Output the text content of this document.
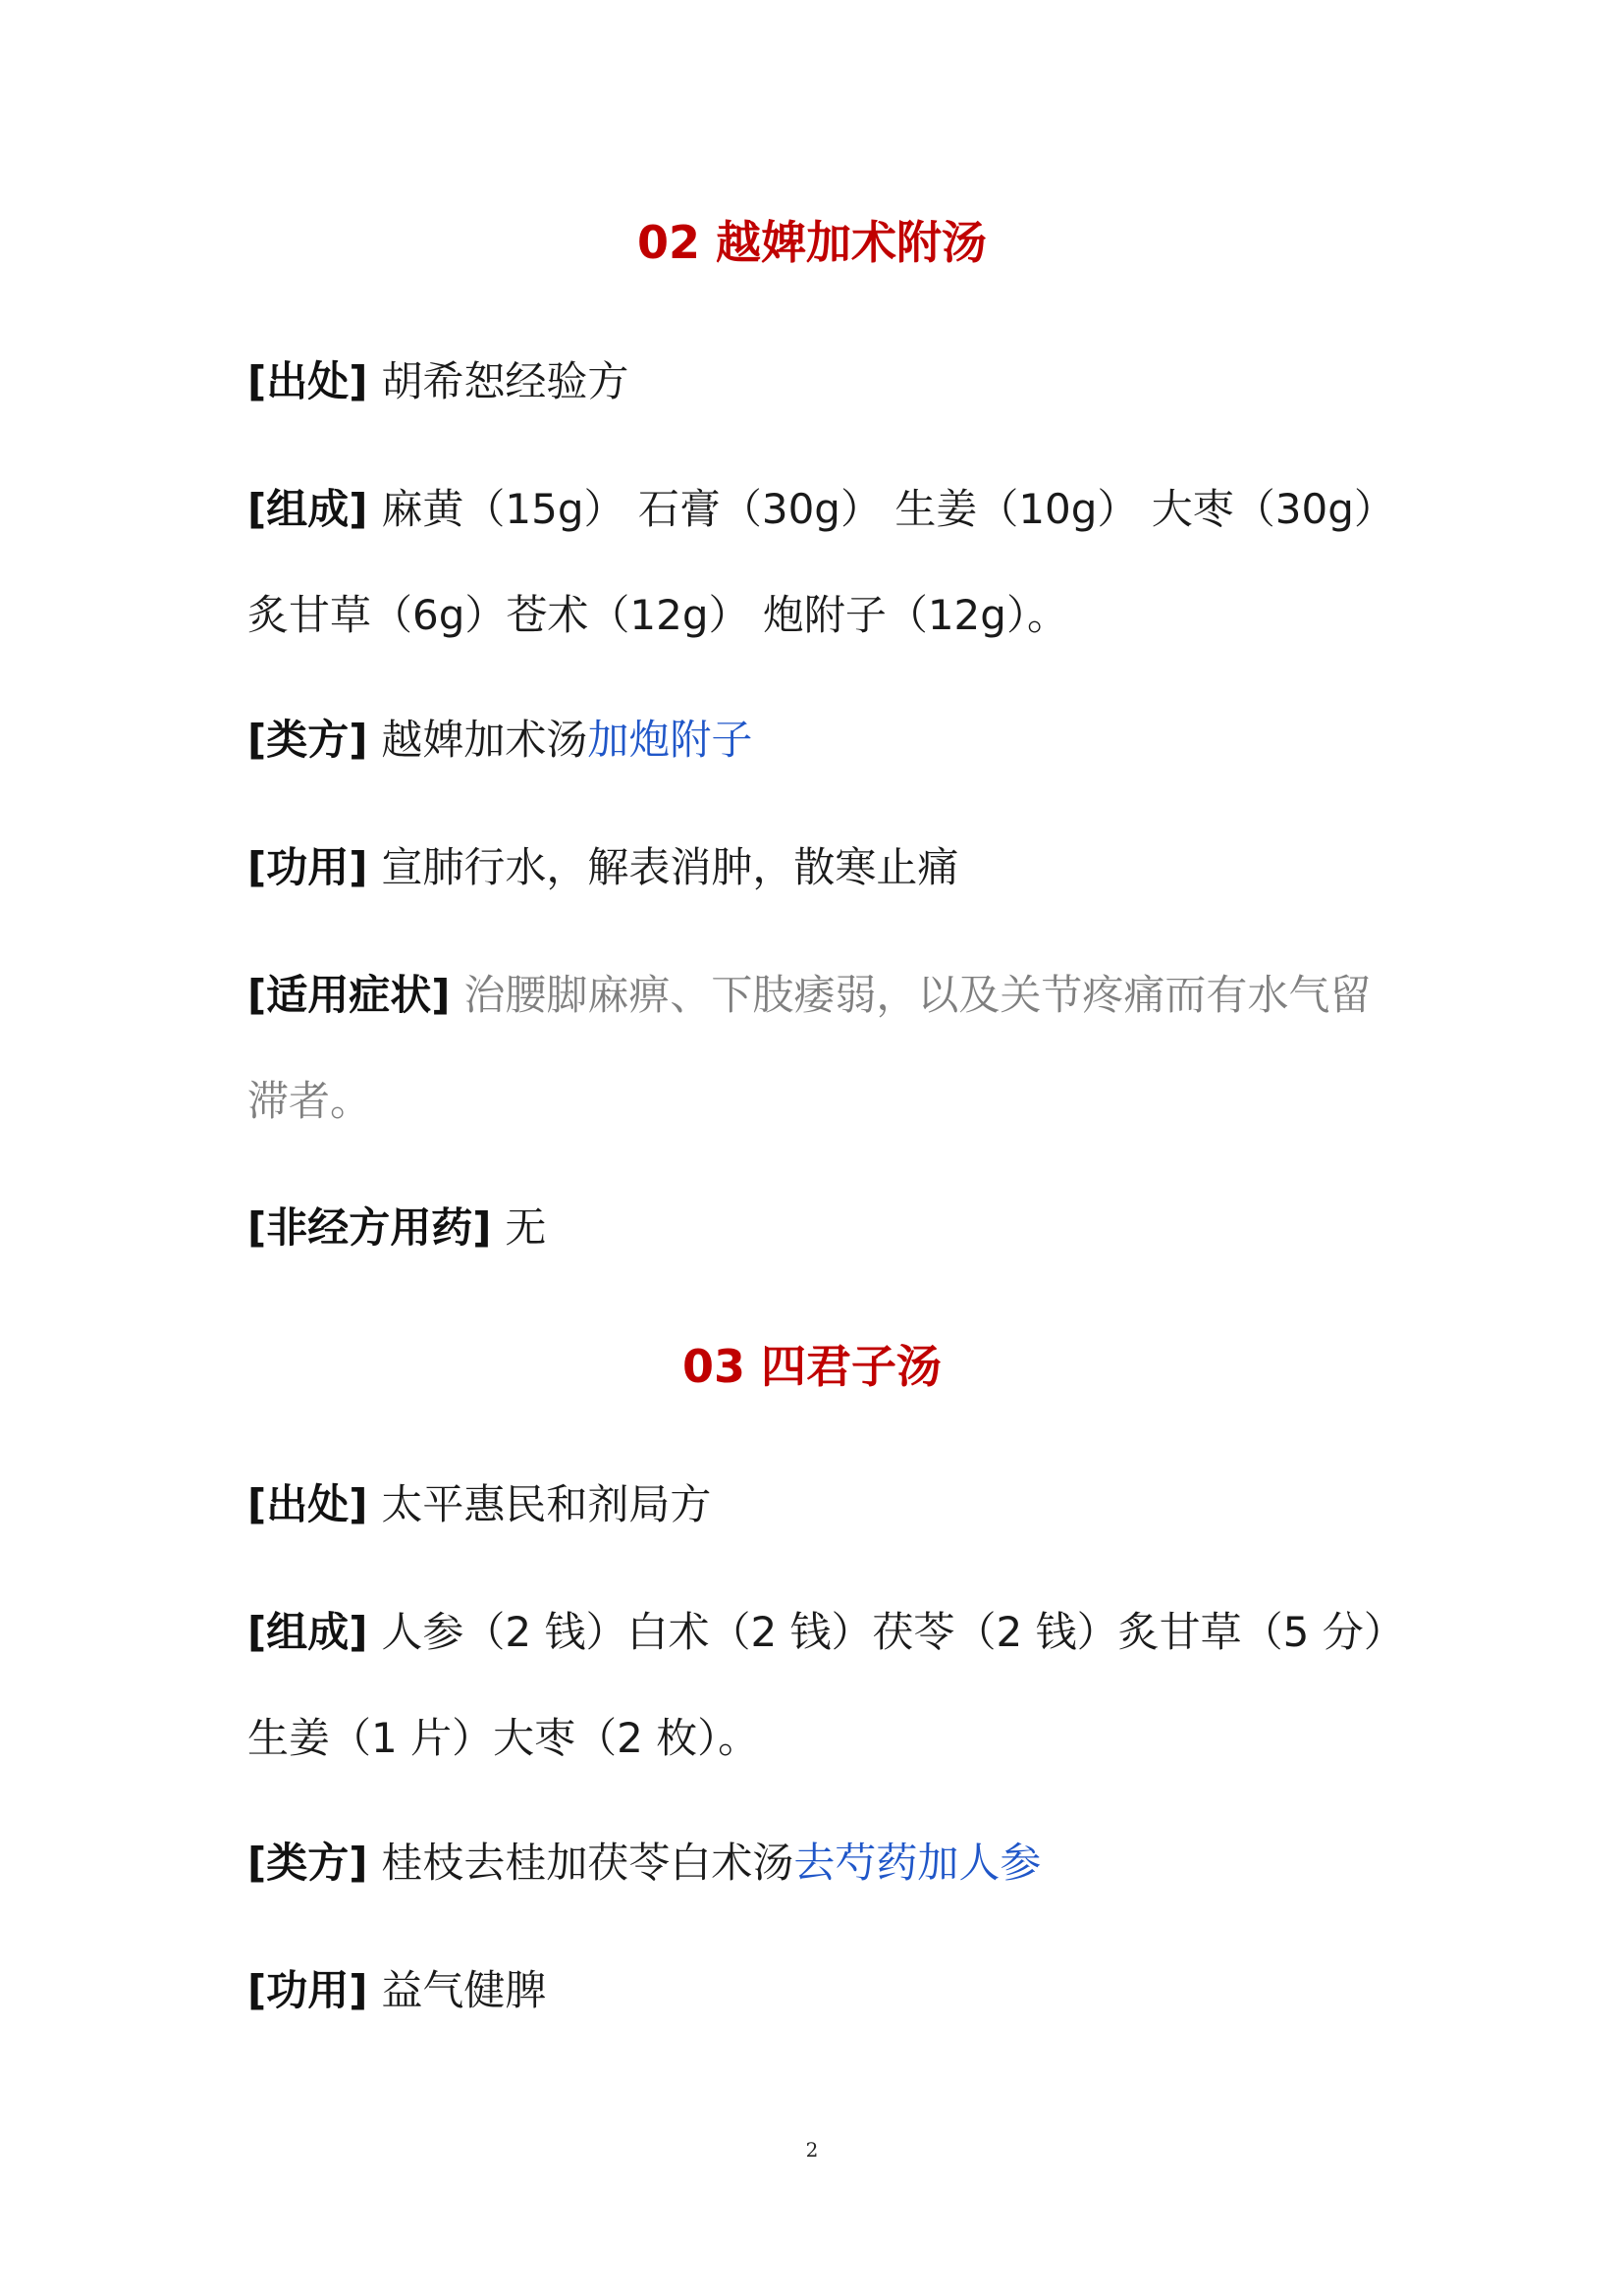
02 越婢加术附汤
[出处] 胡希恕经验方
[组成] 麻黄（15g） 石膏（30g） 生姜（10g） 大枣（30g）
炙甘草（6g）苍术（12g） 炮附子（12g）。
[类方] 越婢加术汤加炮附子
[功用] 宣肺行水，解表消肿，散寒止痛
[适用症状] 治腰脚麻痹、下肢痿弱，以及关节疼痛而有水气留
滞者。
[非经方用药] 无
03 四君子汤
[出处] 太平惠民和剂局方
[组成] 人参（2 钱）白术（2 钱）茯苓（2 钱）炙甘草（5 分）
生姜（1 片）大枣（2 枚）。
[类方] 桂枝去桂加茯苓白术汤去芍药加人参
[功用] 益气健脾
2
